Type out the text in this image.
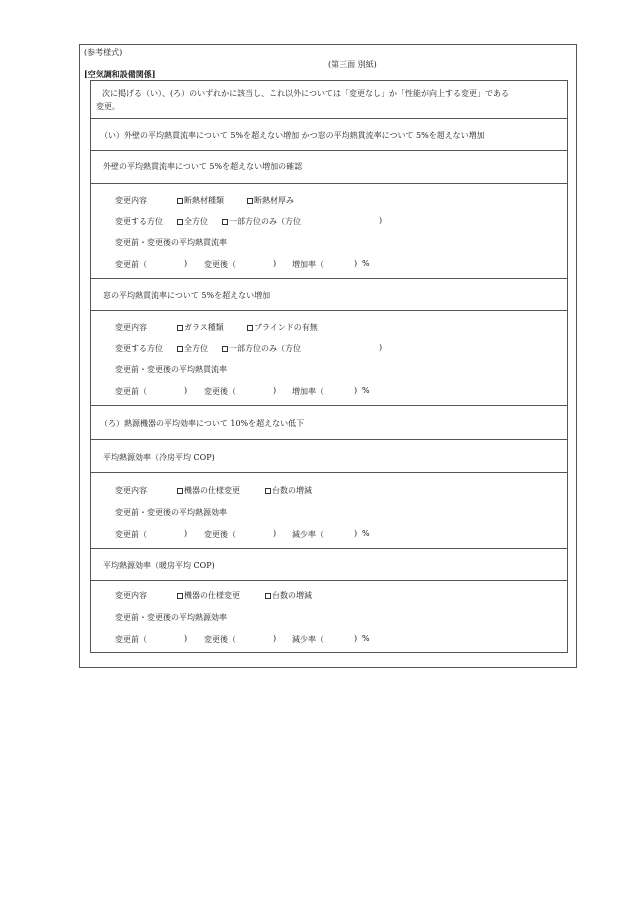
(参考様式)
(第三面 別紙)
[空気調和設備関係]
次に掲げる（い）、(ろ）のいずれかに該当し、これ以外については「変更なし」か「性能が向上する変更」である
変更。
（い）外壁の平均熱貫流率について 5%を超えない増加 かつ窓の平均熱貫流率について 5%を超えない増加
外壁の平均熱貫流率について 5%を超えない増加の確認
変更内容	断熱材種類	断熱材厚み
変更する方位	全方位	一部方位のみ（方位	)
変更前・変更後の平均熱貫流率
変更前（	) 変更後（	) 増加率（	) %
窓の平均熱貫流率について 5%を超えない増加
変更内容	ガラス種類	ブラインドの有無
変更する方位	全方位	一部方位のみ（方位	)
変更前・変更後の平均熱貫流率
変更前（	) 変更後（	) 増加率（	) %
（ろ）熱源機器の平均効率について 10%を超えない低下
平均熱源効率（冷房平均 COP)
変更内容	機器の仕様変更	台数の増減
変更前・変更後の平均熱源効率
変更前（	) 変更後（	) 減少率（	) %
平均熱源効率（暖房平均 COP)
変更内容	機器の仕様変更	台数の増減
変更前・変更後の平均熱源効率
変更前（	) 変更後（	) 減少率（	) %
